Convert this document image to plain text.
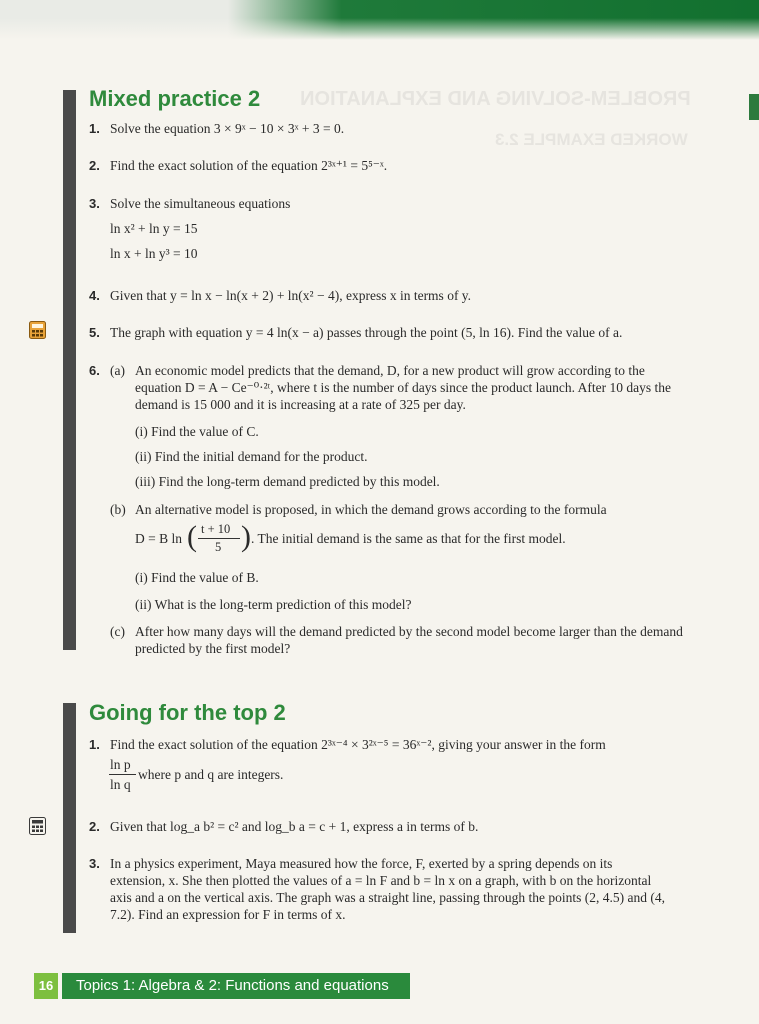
PROBLEM-SOLVING AND EXPLANATION
WORKED EXAMPLE 2.3
Mixed practice 2
1. Solve the equation 3 × 9ˣ − 10 × 3ˣ + 3 = 0.
2. Find the exact solution of the equation 2³ˣ⁺¹ = 5⁵⁻ˣ.
3. Solve the simultaneous equations
ln x² + ln y = 15
ln x + ln y³ = 10
4. Given that y = ln x − ln(x + 2) + ln(x² − 4), express x in terms of y.
5. The graph with equation y = 4 ln(x − a) passes through the point (5, ln 16). Find the value of a.
6. (a) An economic model predicts that the demand, D, for a new product will grow according to the equation D = A − Ce⁻⁰·²ᵗ, where t is the number of days since the product launch. After 10 days the demand is 15 000 and it is increasing at a rate of 325 per day.
(i) Find the value of C.
(ii) Find the initial demand for the product.
(iii) Find the long-term demand predicted by this model.
(b) An alternative model is proposed, in which the demand grows according to the formula
D = B ln ( t + 10
5 ) . The initial demand is the same as that for the first model.
(i) Find the value of B.
(ii) What is the long-term prediction of this model?
(c) After how many days will the demand predicted by the second model become larger than the demand predicted by the first model?
Going for the top 2
1. Find the exact solution of the equation 2³ˣ⁻⁴ × 3²ˣ⁻⁵ = 36ˣ⁻², giving your answer in the form
ln p
ln q
where p and q are integers.
2. Given that log_a b² = c² and log_b a = c + 1, express a in terms of b.
3. In a physics experiment, Maya measured how the force, F, exerted by a spring depends on its extension, x. She then plotted the values of a = ln F and b = ln x on a graph, with b on the horizontal axis and a on the vertical axis. The graph was a straight line, passing through the points (2, 4.5) and (4, 7.2). Find an expression for F in terms of x.
16	Topics 1: Algebra & 2: Functions and equations
